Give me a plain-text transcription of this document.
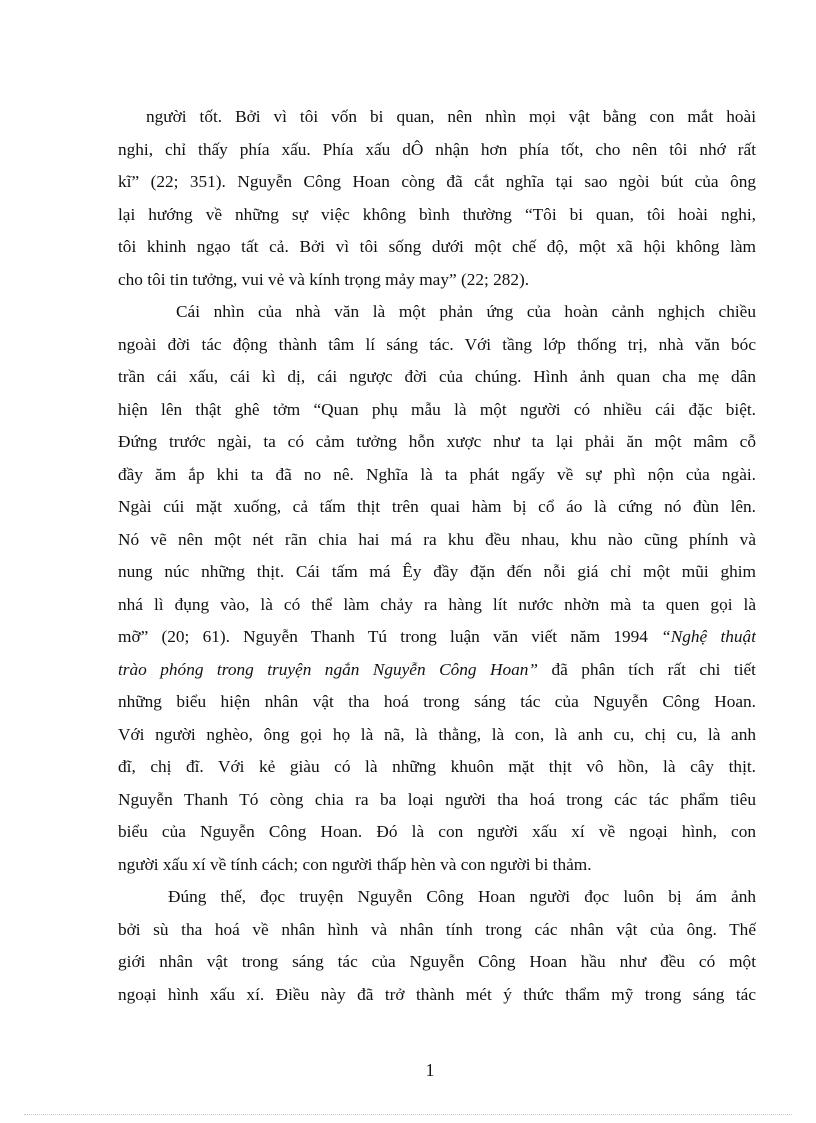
người tốt. Bởi vì tôi vốn bi quan, nên nhìn mọi vật bằng con mắt hoài
nghi, chỉ thấy phía xấu. Phía xấu dÔ nhận hơn phía tốt, cho nên tôi nhớ rất
kĩ” (22; 351). Nguyễn Công Hoan còng đã cắt nghĩa tại sao ngòi bút của ông
lại hướng về những sự việc không bình thường “Tôi bi quan, tôi hoài nghi,
tôi khinh ngạo tất cả. Bởi vì tôi sống dưới một chế độ, một xã hội không làm
cho tôi tin tưởng, vui vẻ và kính trọng mảy may” (22; 282).
Cái nhìn của nhà văn là một phản ứng của hoàn cảnh nghịch chiều
ngoài đời tác động thành tâm lí sáng tác. Với tầng lớp thống trị, nhà văn bóc
trần cái xấu, cái kì dị, cái ngược đời của chúng. Hình ảnh quan cha mẹ dân
hiện lên thật ghê tởm “Quan phụ mẫu là một người có nhiều cái đặc biệt.
Đứng trước ngài, ta có cảm tưởng hỗn xược như ta lại phải ăn một mâm cỗ
đầy ăm ắp khi ta đã no nê. Nghĩa là ta phát ngấy về sự phì nộn của ngài.
Ngài cúi mặt xuống, cả tấm thịt trên quai hàm bị cổ áo là cứng nó đùn lên.
Nó vẽ nên một nét rãn chia hai má ra khu đều nhau, khu nào cũng phính và
nung núc những thịt. Cái tấm má Êy đầy đặn đến nỗi giá chỉ một mũi ghim
nhá lì đụng vào, là có thể làm chảy ra hàng lít nước nhờn mà ta quen gọi là
mỡ” (20; 61). Nguyễn Thanh Tú trong luận văn viết năm 1994 “Nghệ thuật
trào phóng trong truyện ngắn Nguyễn Công Hoan” đã phân tích rất chi tiết
những biểu hiện nhân vật tha hoá trong sáng tác của Nguyễn Công Hoan.
Với người nghèo, ông gọi họ là nã, là thằng, là con, là anh cu, chị cu, là anh
đĩ, chị đĩ. Với kẻ giàu có là những khuôn mặt thịt vô hồn, là cây thịt.
Nguyễn Thanh Tó còng chia ra ba loại người tha hoá trong các tác phẩm tiêu
biểu của Nguyễn Công Hoan. Đó là con người xấu xí về ngoại hình, con
người xấu xí về tính cách; con người thấp hèn và con người bi thảm.
Đúng thế, đọc truyện Nguyễn Công Hoan người đọc luôn bị ám ảnh
bởi sù tha hoá về nhân hình và nhân tính trong các nhân vật của ông. Thế
giới nhân vật trong sáng tác của Nguyễn Công Hoan hầu như đều có một
ngoại hình xấu xí. Điều này đã trở thành mét ý thức thẩm mỹ trong sáng tác
1
